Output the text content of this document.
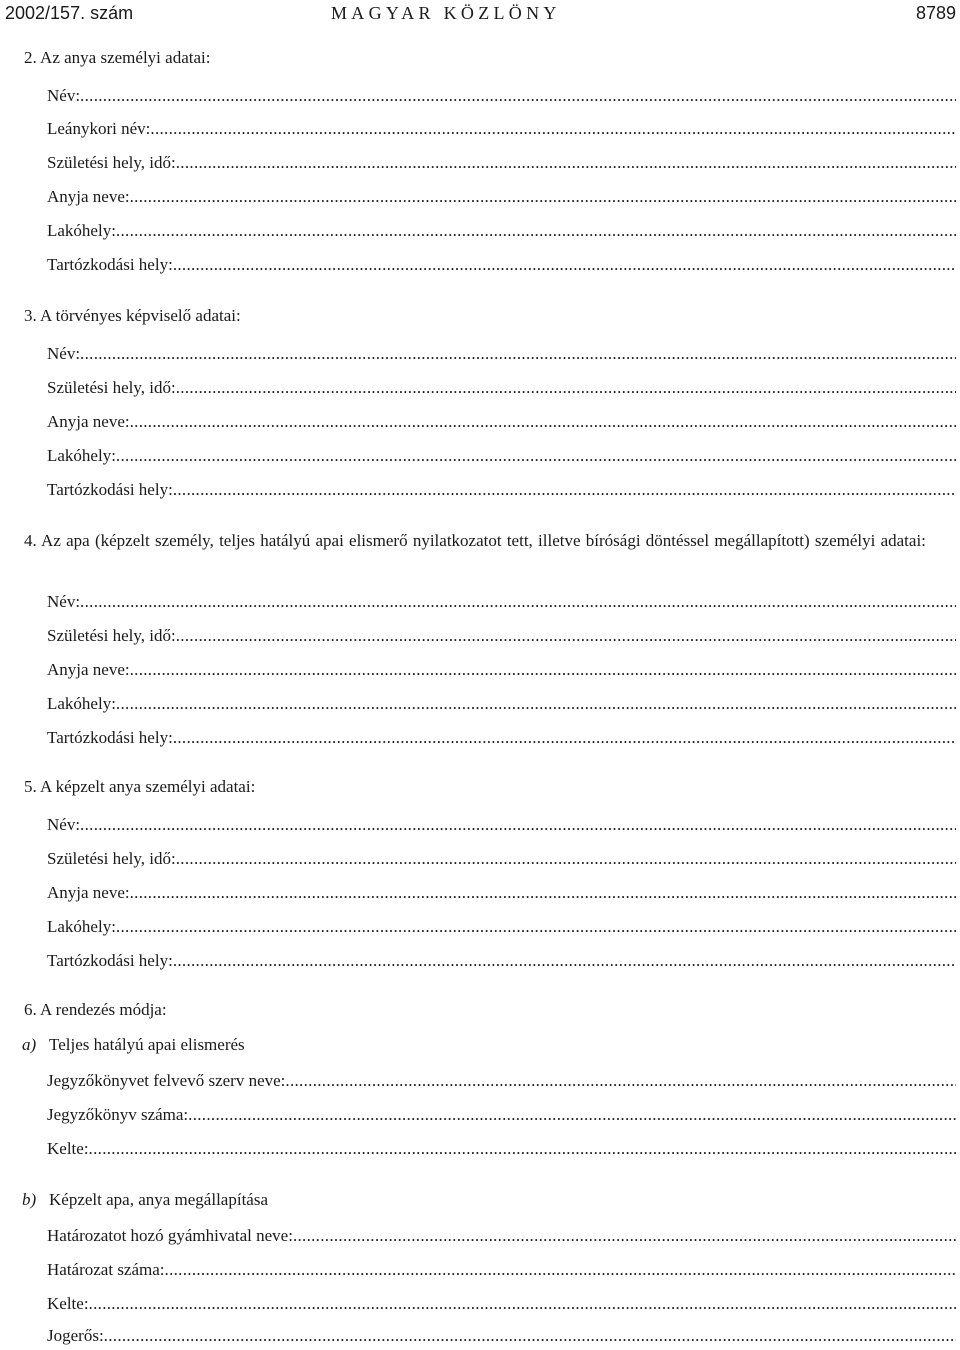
2002/157. szám	MAGYAR KÖZLÖNY	8789
2. Az anya személyi adatai:
Név:
.....
Leánykori név:
.....
Születési hely, idő:
.....
Anyja neve:
.....
Lakóhely:
.....
Tartózkodási hely:
.....
3. A törvényes képviselő adatai:
Név:
.....
Születési hely, idő:
.....
Anyja neve:
.....
Lakóhely:
.....
Tartózkodási hely:
.....
4. Az apa (képzelt személy, teljes hatályú apai elismerő nyilatkozatot tett, illetve bírósági döntéssel megállapított) személyi adatai:
Név:
.....
Születési hely, idő:
.....
Anyja neve:
.....
Lakóhely:
.....
Tartózkodási hely:
.....
5. A képzelt anya személyi adatai:
Név:
.....
Születési hely, idő:
.....
Anyja neve:
.....
Lakóhely:
.....
Tartózkodási hely:
.....
6. A rendezés módja:
a) Teljes hatályú apai elismerés
Jegyzőkönyvet felvevő szerv neve:
.....
Jegyzőkönyv száma:
.....
Kelte:
.....
b) Képzelt apa, anya megállapítása
Határozatot hozó gyámhivatal neve:
.....
Határozat száma:
.....
Kelte:
.....
Jogerős:
.....
